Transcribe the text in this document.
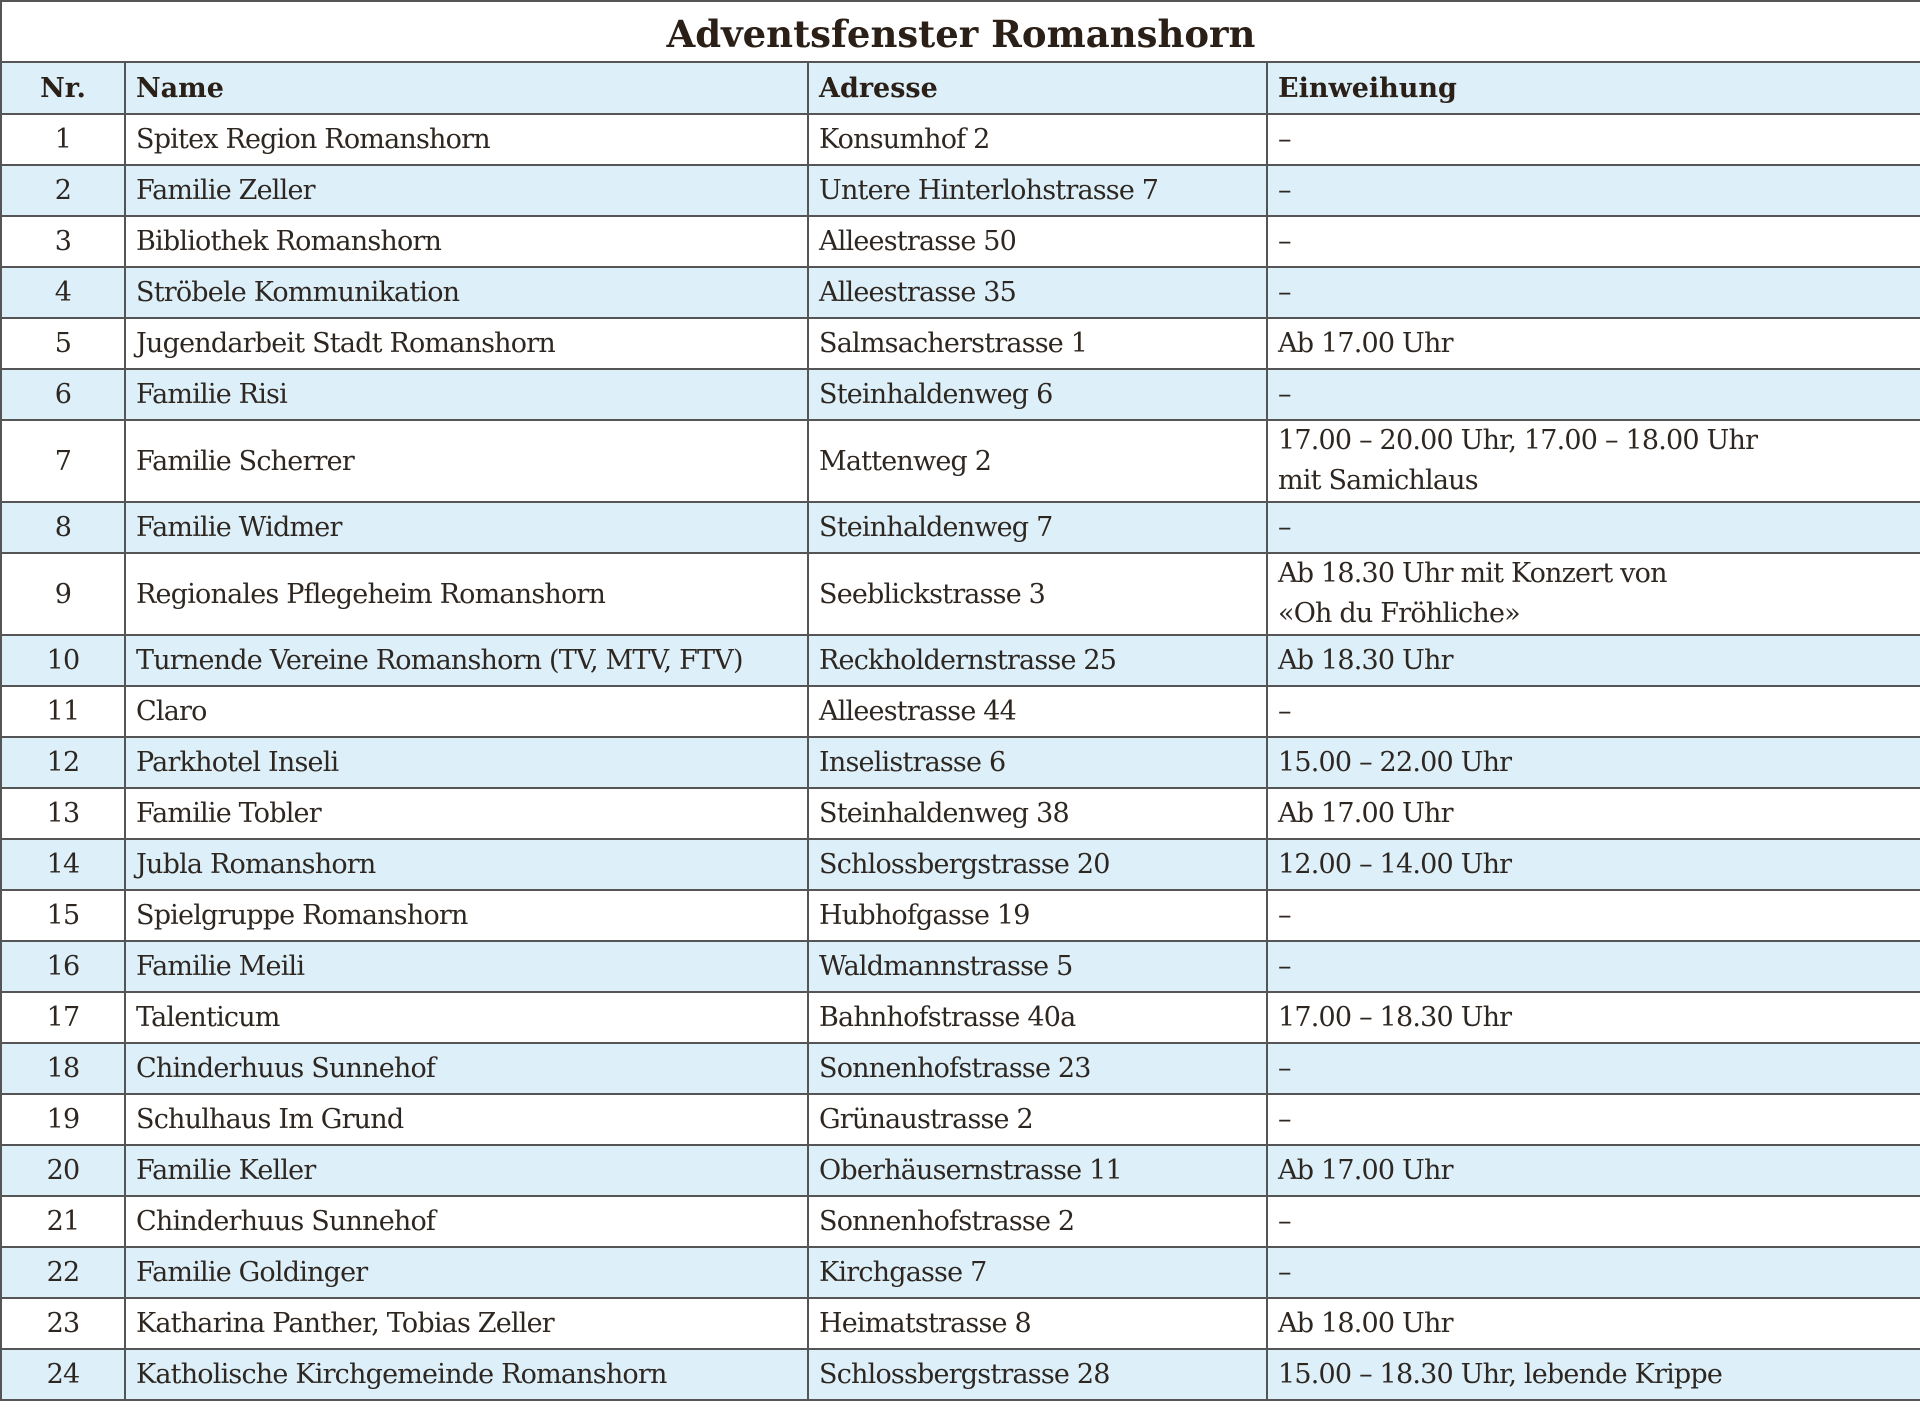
Adventsfenster Romanshorn
Nr.	Name	Adresse	Einweihung
1	Spitex Region Romanshorn	Konsumhof 2	–

2	Familie Zeller	Untere Hinterlohstrasse 7	–

3	Bibliothek Romanshorn	Alleestrasse 50	–

4	Ströbele Kommunikation	Alleestrasse 35	–

5	Jugendarbeit Stadt Romanshorn	Salmsacherstrasse 1	Ab 17.00 Uhr

6	Familie Risi	Steinhaldenweg 6	–

7	Familie Scherrer	Mattenweg 2	17.00 – 20.00 Uhr, 17.00 – 18.00 Uhr
mit Samichlaus

8	Familie Widmer	Steinhaldenweg 7	–

9	Regionales Pflegeheim Romanshorn	Seeblickstrasse 3	Ab 18.30 Uhr mit Konzert von
«Oh du Fröhliche»

10	Turnende Vereine Romanshorn (TV, MTV, FTV)	Reckholdernstrasse 25	Ab 18.30 Uhr

11	Claro	Alleestrasse 44	–

12	Parkhotel Inseli	Inselistrasse 6	15.00 – 22.00 Uhr

13	Familie Tobler	Steinhaldenweg 38	Ab 17.00 Uhr

14	Jubla Romanshorn	Schlossbergstrasse 20	12.00 – 14.00 Uhr

15	Spielgruppe Romanshorn	Hubhofgasse 19	–

16	Familie Meili	Waldmannstrasse 5	–

17	Talenticum	Bahnhofstrasse 40a	17.00 – 18.30 Uhr

18	Chinderhuus Sunnehof	Sonnenhofstrasse 23	–

19	Schulhaus Im Grund	Grünaustrasse 2	–

20	Familie Keller	Oberhäusernstrasse 11	Ab 17.00 Uhr

21	Chinderhuus Sunnehof	Sonnenhofstrasse 2	–

22	Familie Goldinger	Kirchgasse 7	–

23	Katharina Panther, Tobias Zeller	Heimatstrasse 8	Ab 18.00 Uhr

24	Katholische Kirchgemeinde Romanshorn	Schlossbergstrasse 28	15.00 – 18.30 Uhr, lebende Krippe
